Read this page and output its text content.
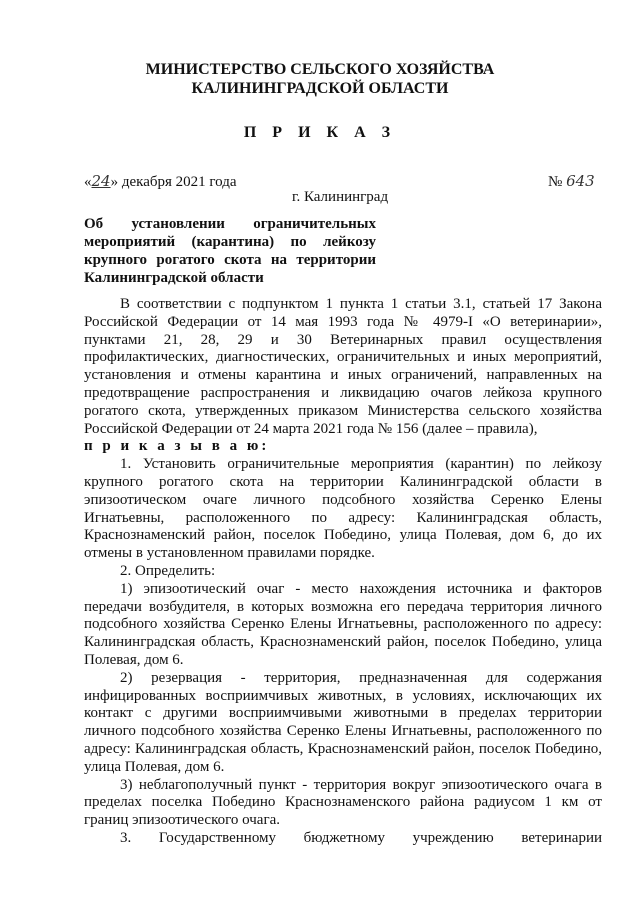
МИНИСТЕРСТВО СЕЛЬСКОГО ХОЗЯЙСТВА
КАЛИНИНГРАДСКОЙ ОБЛАСТИ
П Р И К А З
«24» декабря 2021 года	№ 643
г. Калининград
Об установлении ограничительных
мероприятий (карантина) по лейкозу
крупного рогатого скота на территории
Калининградской области

В соответствии с подпунктом 1 пункта 1 статьи 3.1, статьей 17 Закона Российской Федерации от 14 мая 1993 года № 4979-I «О ветеринарии», пунктами 21, 28, 29 и 30 Ветеринарных правил осуществления профилактических, диагностических, ограничительных и иных мероприятий, установления и отмены карантина и иных ограничений, направленных на предотвращение распространения и ликвидацию очагов лейкоза крупного рогатого скота, утвержденных приказом Министерства сельского хозяйства Российской Федерации от 24 марта 2021 года № 156 (далее – правила),

п р и к а з ы в а ю:

1. Установить ограничительные мероприятия (карантин) по лейкозу крупного рогатого скота на территории Калининградской области в эпизоотическом очаге личного подсобного хозяйства Серенко Елены Игнатьевны, расположенного по адресу: Калининградская область, Краснознаменский район, поселок Победино, улица Полевая, дом 6, до их отмены в установленном правилами порядке.

2. Определить:

1) эпизоотический очаг - место нахождения источника и факторов передачи возбудителя, в которых возможна его передача территория личного подсобного хозяйства Серенко Елены Игнатьевны, расположенного по адресу: Калининградская область, Краснознаменский район, поселок Победино, улица Полевая, дом 6.

2) резервация - территория, предназначенная для содержания инфицированных восприимчивых животных, в условиях, исключающих их контакт с другими восприимчивыми животными в пределах территории личного подсобного хозяйства Серенко Елены Игнатьевны, расположенного по адресу: Калининградская область, Краснознаменский район, поселок Победино, улица Полевая, дом 6.

3) неблагополучный пункт - территория вокруг эпизоотического очага в пределах поселка Победино Краснознаменского района радиусом 1 км от границ эпизоотического очага.

3. Государственному бюджетному учреждению ветеринарии
